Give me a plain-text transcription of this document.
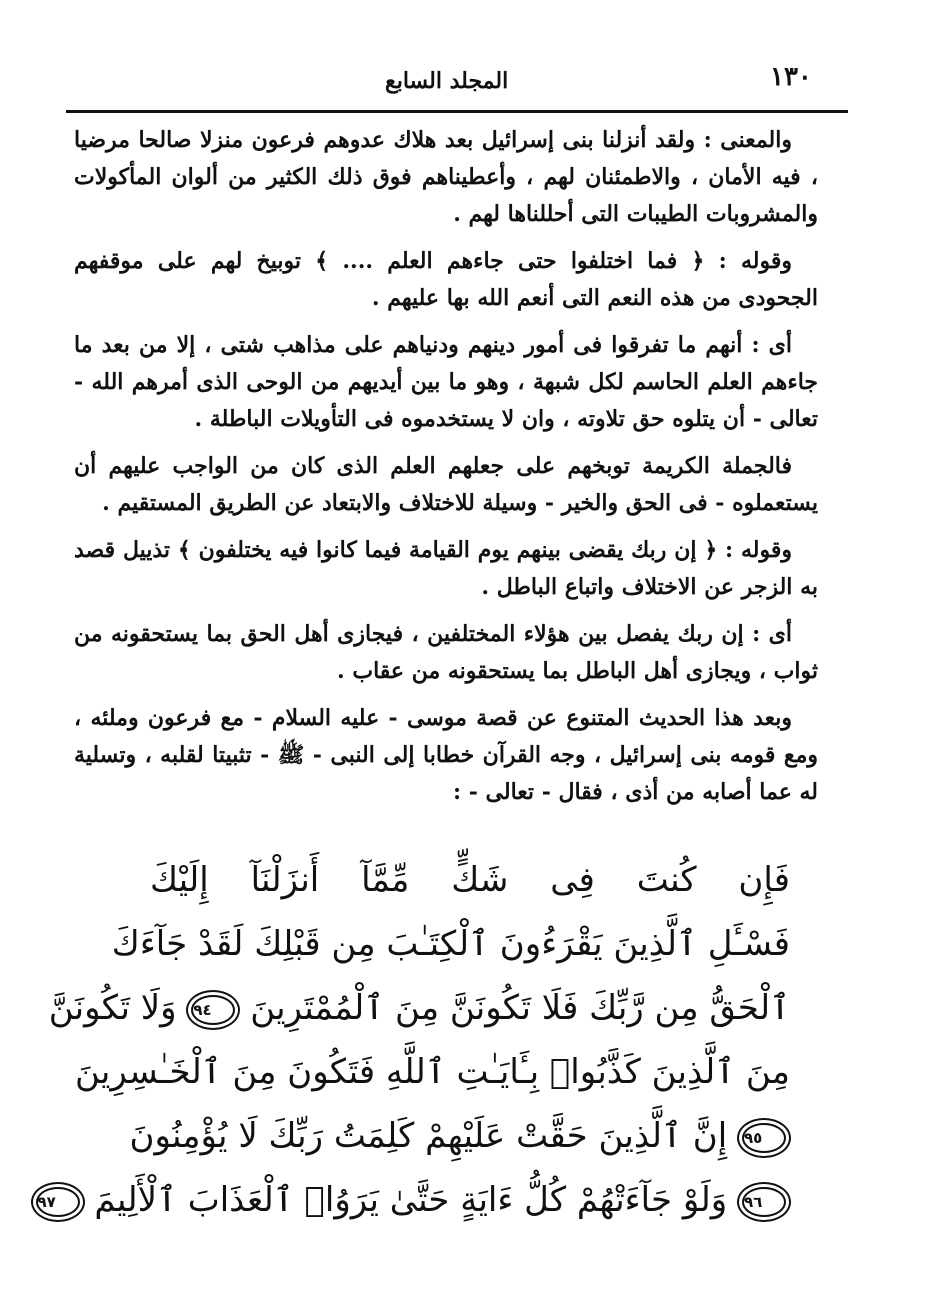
١٣٠
المجلد السابع

والمعنى : ولقد أنزلنا بنى إسرائيل بعد هلاك عدوهم فرعون منزلا صالحا مرضيا ، فيه الأمان ، والاطمئنان لهم ، وأعطيناهم فوق ذلك الكثير من ألوان المأكولات والمشروبات الطيبات التى أحللناها لهم .

وقوله : ﴿ فما اختلفوا حتى جاءهم العلم .... ﴾ توبيخ لهم على موقفهم الجحودى من هذه النعم التى أنعم الله بها عليهم .

أى : أنهم ما تفرقوا فى أمور دينهم ودنياهم على مذاهب شتى ، إلا من بعد ما جاءهم العلم الحاسم لكل شبهة ، وهو ما بين أيديهم من الوحى الذى أمرهم الله - تعالى - أن يتلوه حق تلاوته ، وان لا يستخدموه فى التأويلات الباطلة .

فالجملة الكريمة توبخهم على جعلهم العلم الذى كان من الواجب عليهم أن يستعملوه - فى الحق والخير - وسيلة للاختلاف والابتعاد عن الطريق المستقيم .

وقوله : ﴿ إن ربك يقضى بينهم يوم القيامة فيما كانوا فيه يختلفون ﴾ تذييل قصد به الزجر عن الاختلاف واتباع الباطل .

أى : إن ربك يفصل بين هؤلاء المختلفين ، فيجازى أهل الحق بما يستحقونه من ثواب ، ويجازى أهل الباطل بما يستحقونه من عقاب .

وبعد هذا الحديث المتنوع عن قصة موسى - عليه السلام - مع فرعون وملئه ، ومع قومه بنى إسرائيل ، وجه القرآن خطابا إلى النبى - ﷺ - تثبيتا لقلبه ، وتسلية له عما أصابه من أذى ، فقال - تعالى - :

فَإِن كُنتَ فِى شَكٍّ مِّمَّآ أَنزَلْنَآ إِلَيْكَ
فَسْـَٔلِ ٱلَّذِينَ يَقْرَءُونَ ٱلْكِتَـٰبَ مِن قَبْلِكَ لَقَدْ جَآءَكَ
ٱلْحَقُّ مِن رَّبِّكَ فَلَا تَكُونَنَّ مِنَ ٱلْمُمْتَرِينَ ٩٤ وَلَا تَكُونَنَّ
مِنَ ٱلَّذِينَ كَذَّبُوا۟ بِـَٔايَـٰتِ ٱللَّهِ فَتَكُونَ مِنَ ٱلْخَـٰسِرِينَ
٩٥ إِنَّ ٱلَّذِينَ حَقَّتْ عَلَيْهِمْ كَلِمَتُ رَبِّكَ لَا يُؤْمِنُونَ
٩٦ وَلَوْ جَآءَتْهُمْ كُلُّ ءَايَةٍ حَتَّىٰ يَرَوُا۟ ٱلْعَذَابَ ٱلْأَلِيمَ ٩٧
